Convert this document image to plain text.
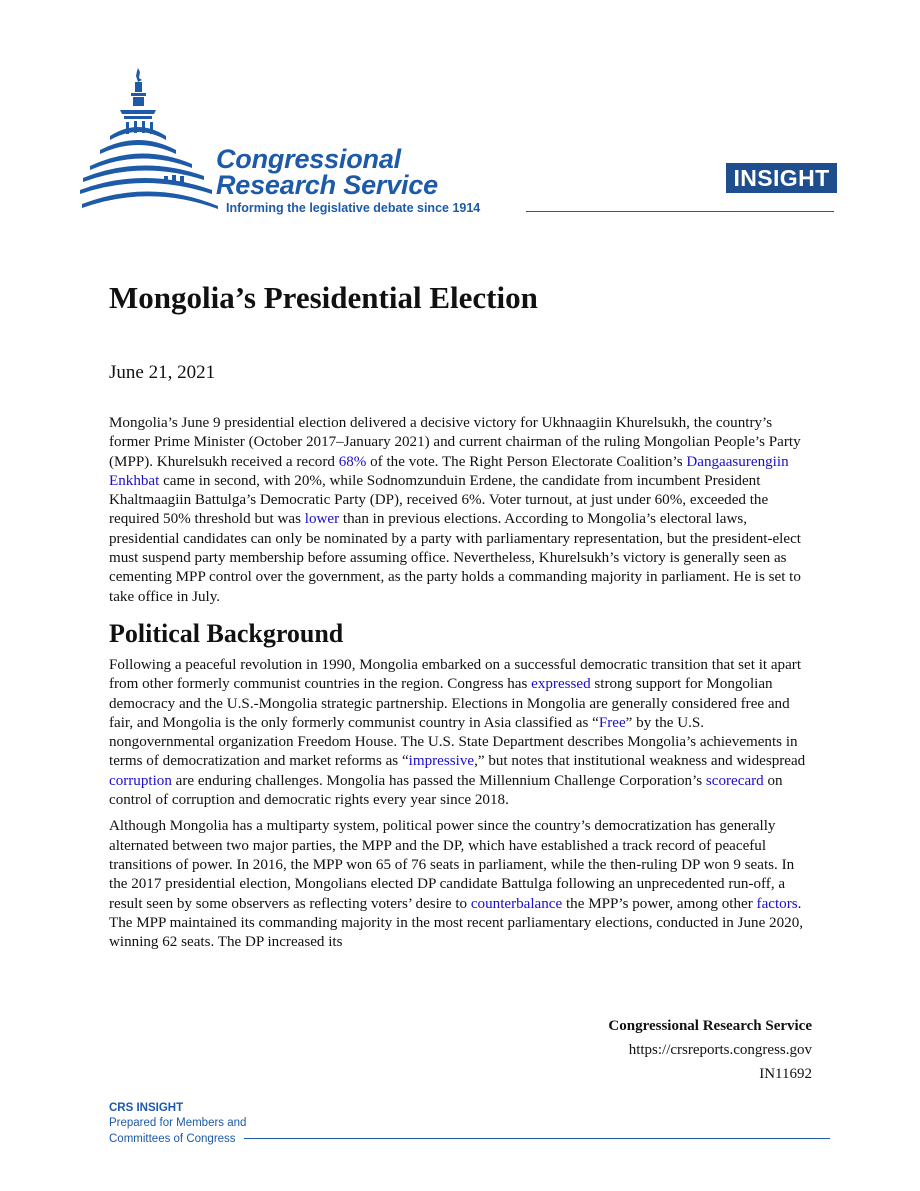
Congressional
Research Service
Informing the legislative debate since 1914
INSIGHT
Mongolia’s Presidential Election
June 21, 2021

Mongolia’s June 9 presidential election delivered a decisive victory for Ukhnaagiin Khurelsukh, the country’s former Prime Minister (October 2017–January 2021) and current chairman of the ruling Mongolian People’s Party (MPP). Khurelsukh received a record 68% of the vote. The Right Person Electorate Coalition’s Dangaasurengiin Enkhbat came in second, with 20%, while Sodnomzunduin Erdene, the candidate from incumbent President Khaltmaagiin Battulga’s Democratic Party (DP), received 6%. Voter turnout, at just under 60%, exceeded the required 50% threshold but was lower than in previous elections. According to Mongolia’s electoral laws, presidential candidates can only be nominated by a party with parliamentary representation, but the president-elect must suspend party membership before assuming office. Nevertheless, Khurelsukh’s victory is generally seen as cementing MPP control over the government, as the party holds a commanding majority in parliament. He is set to take office in July.

Political Background

Following a peaceful revolution in 1990, Mongolia embarked on a successful democratic transition that set it apart from other formerly communist countries in the region. Congress has expressed strong support for Mongolian democracy and the U.S.-Mongolia strategic partnership. Elections in Mongolia are generally considered free and fair, and Mongolia is the only formerly communist country in Asia classified as “Free” by the U.S. nongovernmental organization Freedom House. The U.S. State Department describes Mongolia’s achievements in terms of democratization and market reforms as “impressive,” but notes that institutional weakness and widespread corruption are enduring challenges. Mongolia has passed the Millennium Challenge Corporation’s scorecard on control of corruption and democratic rights every year since 2018.

Although Mongolia has a multiparty system, political power since the country’s democratization has generally alternated between two major parties, the MPP and the DP, which have established a track record of peaceful transitions of power. In 2016, the MPP won 65 of 76 seats in parliament, while the then-ruling DP won 9 seats. In the 2017 presidential election, Mongolians elected DP candidate Battulga following an unprecedented run-off, a result seen by some observers as reflecting voters’ desire to counterbalance the MPP’s power, among other factors. The MPP maintained its commanding majority in the most recent parliamentary elections, conducted in June 2020, winning 62 seats. The DP increased its

Congressional Research Service
https://crsreports.congress.gov
IN11692
CRS INSIGHT
Prepared for Members and
Committees of Congress
